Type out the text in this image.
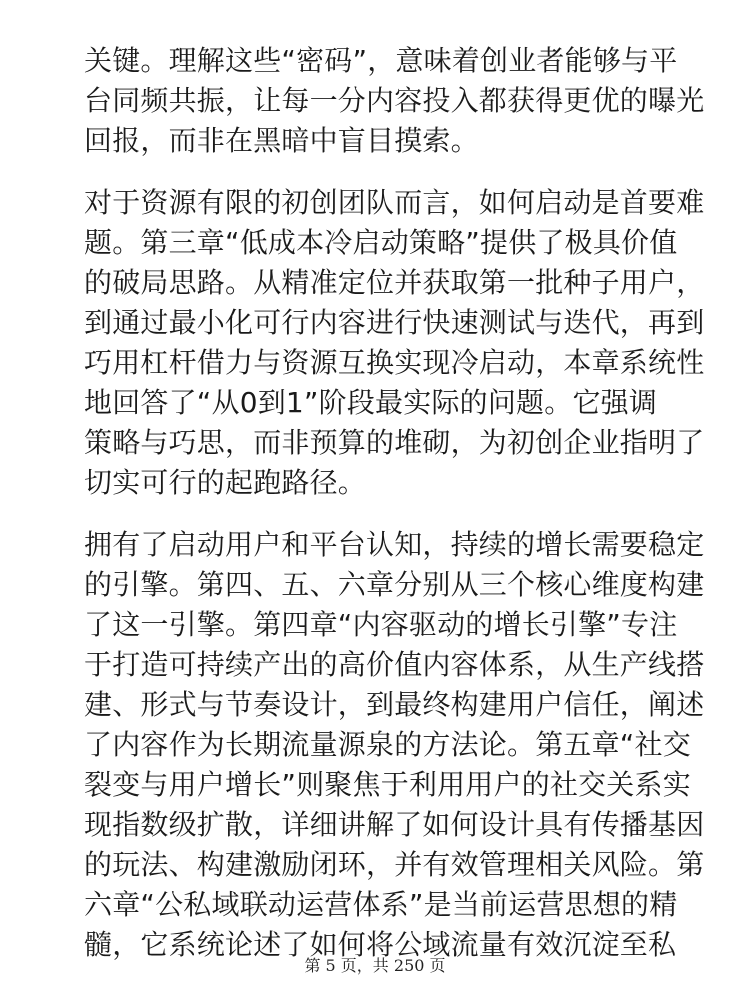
关键。理解这些“密码”，意味着创业者能够与平
台同频共振，让每一分内容投入都获得更优的曝光
回报，而非在黑暗中盲目摸索。
对于资源有限的初创团队而言，如何启动是首要难
题。第三章“低成本冷启动策略”提供了极具价值
的破局思路。从精准定位并获取第一批种子用户，
到通过最小化可行内容进行快速测试与迭代，再到
巧用杠杆借力与资源互换实现冷启动，本章系统性
地回答了“从0到1”阶段最实际的问题。它强调
策略与巧思，而非预算的堆砌，为初创企业指明了
切实可行的起跑路径。
拥有了启动用户和平台认知，持续的增长需要稳定
的引擎。第四、五、六章分别从三个核心维度构建
了这一引擎。第四章“内容驱动的增长引擎”专注
于打造可持续产出的高价值内容体系，从生产线搭
建、形式与节奏设计，到最终构建用户信任，阐述
了内容作为长期流量源泉的方法论。第五章“社交
裂变与用户增长”则聚焦于利用用户的社交关系实
现指数级扩散，详细讲解了如何设计具有传播基因
的玩法、构建激励闭环，并有效管理相关风险。第
六章“公私域联动运营体系”是当前运营思想的精
髓，它系统论述了如何将公域流量有效沉淀至私
第 5 页，共 250 页
